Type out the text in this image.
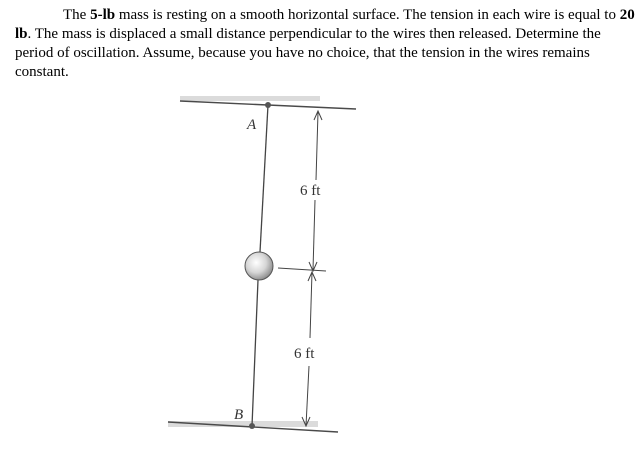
The 5-lb mass is resting on a smooth horizontal surface. The tension in each wire is equal to 20 lb. The mass is displaced a small distance perpendicular to the wires then released. Determine the period of oscillation. Assume, because you have no choice, that the tension in the wires remains constant.

A
B
6 ft
6 ft
